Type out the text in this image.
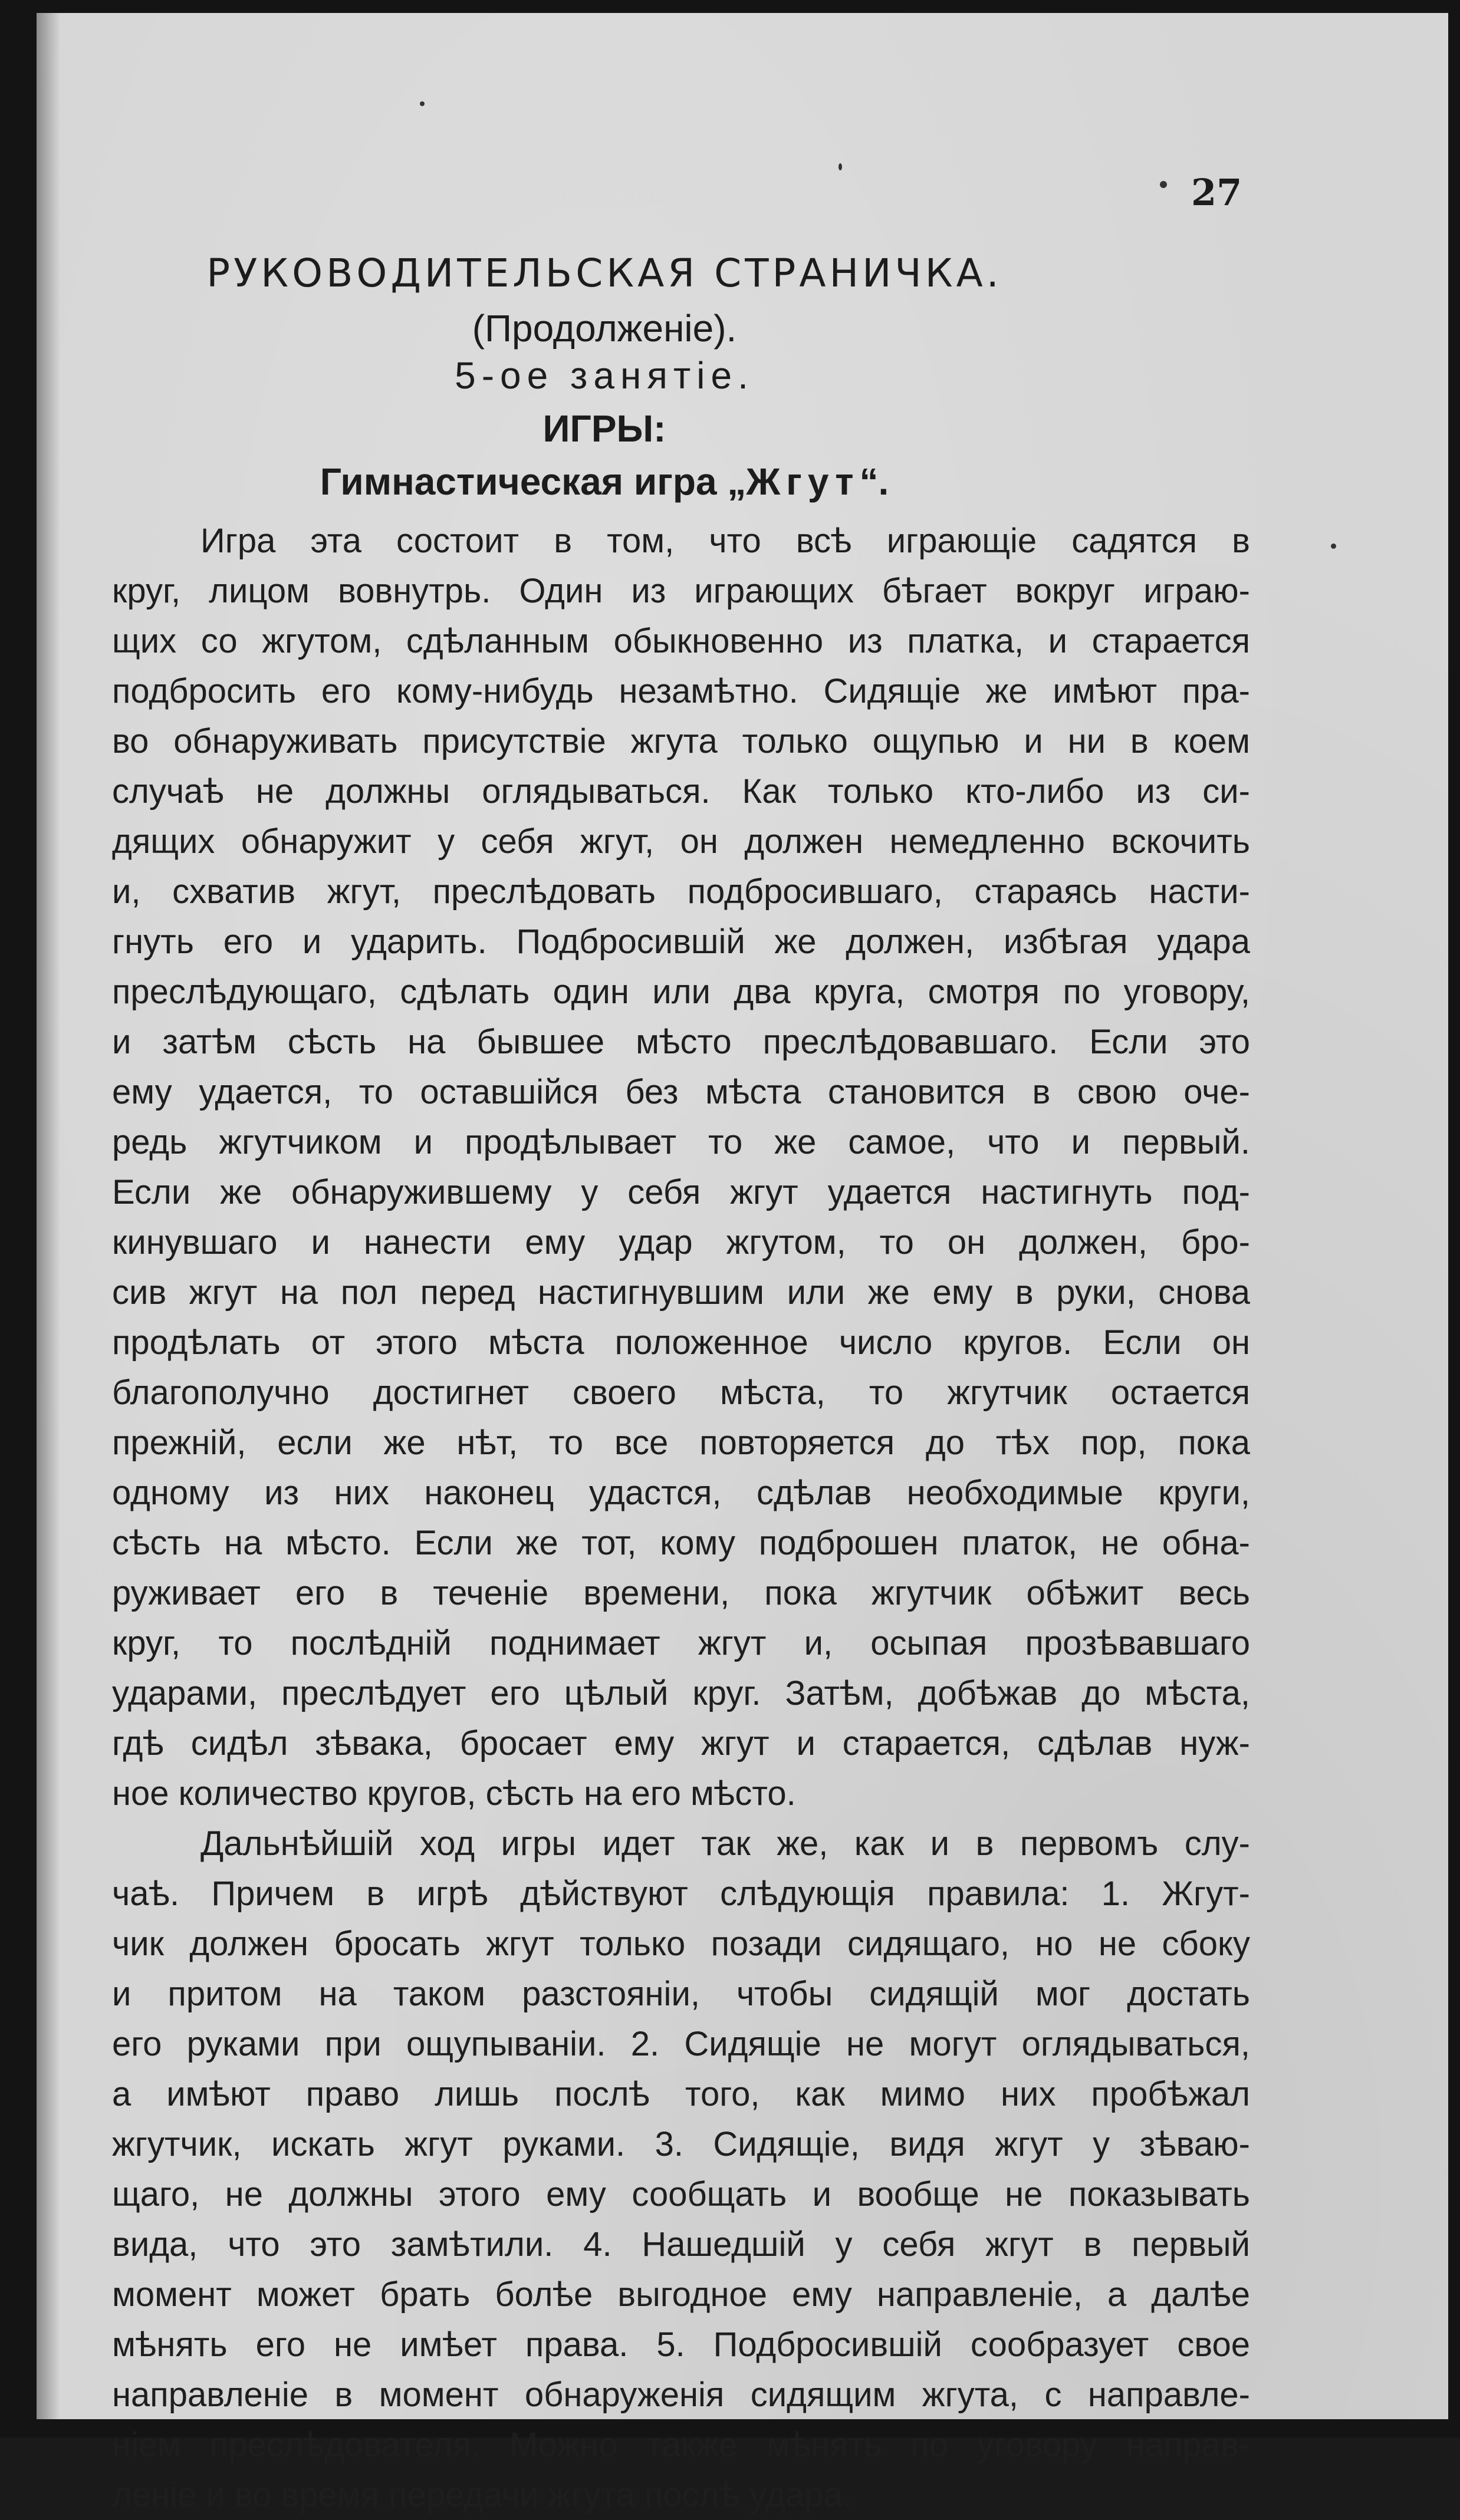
27
РУКОВОДИТЕЛЬСКАЯ СТРАНИЧКА.
(Продолженіе).
5-ое занятіе.
ИГРЫ:
Гимнастическая игра „Жгут“.
Игра эта состоит в том, что всѣ играющіе садятся в
круг, лицом вовнутрь. Один из играющих бѣгает вокруг играю-
щих со жгутом, сдѣланным обыкновенно из платка, и старается
подбросить его кому-нибудь незамѣтно. Сидящіе же имѣют пра-
во обнаруживать присутствіе жгута только ощупью и ни в коем
случаѣ не должны оглядываться. Как только кто-либо из си-
дящих обнаружит у себя жгут, он должен немедленно вскочить
и, схватив жгут, преслѣдовать подбросившаго, стараясь насти-
гнуть его и ударить. Подбросившій же должен, избѣгая удара
преслѣдующаго, сдѣлать один или два круга, смотря по уговору,
и затѣм сѣсть на бывшее мѣсто преслѣдовавшаго. Если это
ему удается, то оставшійся без мѣста становится в свою оче-
редь жгутчиком и продѣлывает то же самое, что и первый.
Если же обнаружившему у себя жгут удается настигнуть под-
кинувшаго и нанести ему удар жгутом, то он должен, бро-
сив жгут на пол перед настигнувшим или же ему в руки, снова
продѣлать от этого мѣста положенное число кругов. Если он
благополучно достигнет своего мѣста, то жгутчик остается
прежній, если же нѣт, то все повторяется до тѣх пор, пока
одному из них наконец удастся, сдѣлав необходимые круги,
сѣсть на мѣсто. Если же тот, кому подброшен платок, не обна-
руживает его в теченіе времени, пока жгутчик обѣжит весь
круг, то послѣдній поднимает жгут и, осыпая прозѣвавшаго
ударами, преслѣдует его цѣлый круг. Затѣм, добѣжав до мѣста,
гдѣ сидѣл зѣвака, бросает ему жгут и старается, сдѣлав нуж-
ное количество кругов, сѣсть на его мѣсто.
Дальнѣйшій ход игры идет так же, как и в первомъ слу-
чаѣ. Причем в игрѣ дѣйствуют слѣдующія правила: 1. Жгут-
чик должен бросать жгут только позади сидящаго, но не сбоку
и притом на таком разстояніи, чтобы сидящій мог достать
его руками при ощупываніи. 2. Сидящіе не могут оглядываться,
а имѣют право лишь послѣ того, как мимо них пробѣжал
жгутчик, искать жгут руками. 3. Сидящіе, видя жгут у зѣваю-
щаго, не должны этого ему сообщать и вообще не показывать
вида, что это замѣтили. 4. Нашедшій у себя жгут в первый
момент может брать болѣе выгодное ему направленіе, а далѣе
мѣнять его не имѣет права. 5. Подбросившій сообразует свое
направленіе в момент обнаруженія сидящим жгута, с направле-
ніем преслѣдователя. Можно также мѣнять по уговору направ-
леніе и во время передачи жгута послѣ удара.
